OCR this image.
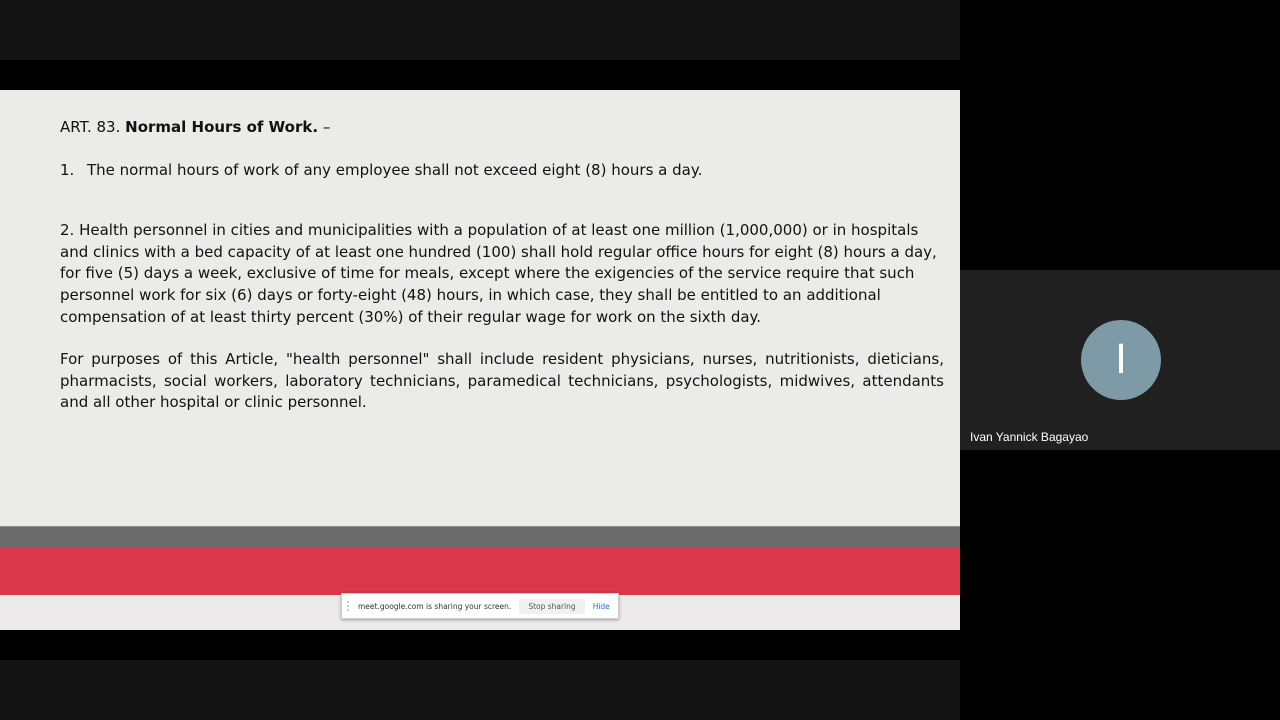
ART. 83. Normal Hours of Work. –

1. The normal hours of work of any employee shall not exceed eight (8) hours a day.

2. Health personnel in cities and municipalities with a population of at least one million (1,000,000) or in hospitals and clinics with a bed capacity of at least one hundred (100) shall hold regular office hours for eight (8) hours a day, for five (5) days a week, exclusive of time for meals, except where the exigencies of the service require that such personnel work for six (6) days or forty-eight (48) hours, in which case, they shall be entitled to an additional compensation of at least thirty percent (30%) of their regular wage for work on the sixth day.

For purposes of this Article, "health personnel" shall include resident physicians, nurses, nutritionists, dieticians, pharmacists, social workers, laboratory technicians, paramedical technicians, psychologists, midwives, attendants and all other hospital or clinic personnel.

meet.google.com is sharing your screen.	Stop sharing	Hide
I
Ivan Yannick Bagayao
